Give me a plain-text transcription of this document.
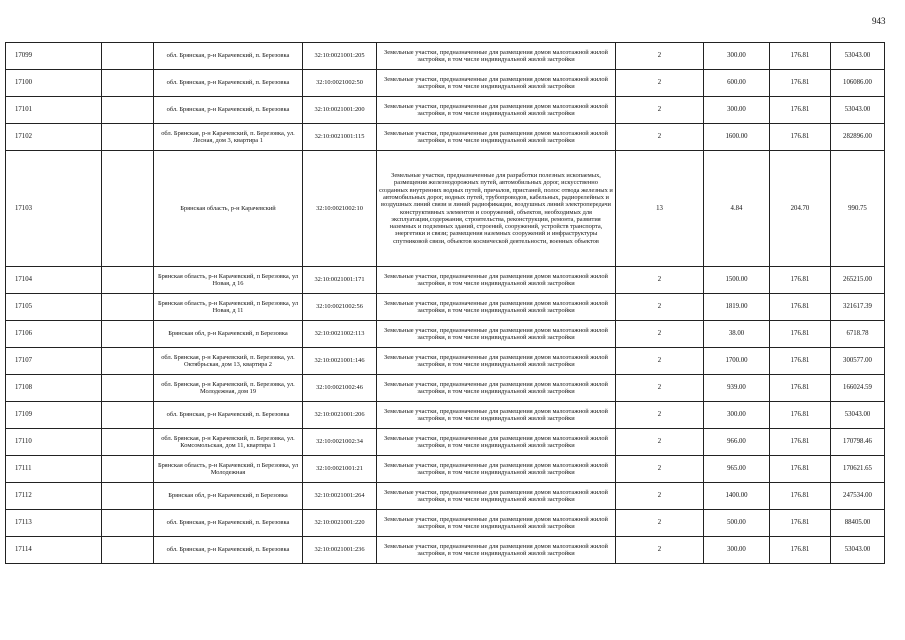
943
17099		обл. Брянская, р-н Карачевский, п. Березовка	32:10:0021001:205	Земельные участки, предназначенные для размещения домов малоэтажной жилой застройки, в том числе индивидуальной жилой застройки	2	300.00	176.81	53043.00
17100		обл. Брянская, р-н Карачевский, п. Березовка	32:10:0021002:50	Земельные участки, предназначенные для размещения домов малоэтажной жилой застройки, в том числе индивидуальной жилой застройки	2	600.00	176.81	106086.00
17101		обл. Брянская, р-н Карачевский, п. Березовка	32:10:0021001:200	Земельные участки, предназначенные для размещения домов малоэтажной жилой застройки, в том числе индивидуальной жилой застройки	2	300.00	176.81	53043.00
17102		обл. Брянская, р-н Карачевский, п. Березовка, ул. Лесная, дом 3, квартира 1	32:10:0021001:115	Земельные участки, предназначенные для размещения домов малоэтажной жилой застройки, в том числе индивидуальной жилой застройки	2	1600.00	176.81	282896.00
17103		Брянская область, р-н Карачевский	32:10:0021002:10	Земельные участки, предназначенные для разработки полезных ископаемых, размещения железнодорожных путей, автомобильных дорог, искусственно созданных внутренних водных путей, причалов, пристаней, полос отвода железных и автомобильных дорог, водных путей, трубопроводов, кабельных, радиорелейных и воздушных линий связи и линий радиофикации, воздушных линий электропередачи конструктивных элементов и сооружений, объектов, необходимых для эксплуатации,содержания, строительства, реконструкции, ремонта, развития наземных и подземных зданий, строений, сооружений, устройств транспорта, энергетики и связи; размещения наземных сооружений и инфраструктуры спутниковой связи, объектов космической деятельности, военных объектов	13	4.84	204.70	990.75
17104		Брянская область, р-н Карачевский, п Березовка, ул Новая, д 16	32:10:0021001:171	Земельные участки, предназначенные для размещения домов малоэтажной жилой застройки, в том числе индивидуальной жилой застройки	2	1500.00	176.81	265215.00
17105		Брянская область, р-н Карачевский, п Березовка, ул Новая, д 11	32:10:0021002:56	Земельные участки, предназначенные для размещения домов малоэтажной жилой застройки, в том числе индивидуальной жилой застройки	2	1819.00	176.81	321617.39
17106		Брянская обл, р-н Карачевский, п Березовка	32:10:0021002:113	Земельные участки, предназначенные для размещения домов малоэтажной жилой застройки, в том числе индивидуальной жилой застройки	2	38.00	176.81	6718.78
17107		обл. Брянская, р-н Карачевский, п. Березовка, ул. Октябрьская, дом 13, квартира 2	32:10:0021001:146	Земельные участки, предназначенные для размещения домов малоэтажной жилой застройки, в том числе индивидуальной жилой застройки	2	1700.00	176.81	300577.00
17108		обл. Брянская, р-н Карачевский, п. Березовка, ул. Молодежная, дом 19	32:10:0021002:46	Земельные участки, предназначенные для размещения домов малоэтажной жилой застройки, в том числе индивидуальной жилой застройки	2	939.00	176.81	166024.59
17109		обл. Брянская, р-н Карачевский, п. Березовка	32:10:0021001:206	Земельные участки, предназначенные для размещения домов малоэтажной жилой застройки, в том числе индивидуальной жилой застройки	2	300.00	176.81	53043.00
17110		обл. Брянская, р-н Карачевский, п. Березовка, ул. Комсомольская, дом 11, квартира 1	32:10:0021002:34	Земельные участки, предназначенные для размещения домов малоэтажной жилой застройки, в том числе индивидуальной жилой застройки	2	966.00	176.81	170798.46
17111		Брянская область, р-н Карачевский, п Березовка, ул Молодежная	32:10:0021001:21	Земельные участки, предназначенные для размещения домов малоэтажной жилой застройки, в том числе индивидуальной жилой застройки	2	965.00	176.81	170621.65
17112		Брянская обл, р-н Карачевский, п Березовка	32:10:0021001:264	Земельные участки, предназначенные для размещения домов малоэтажной жилой застройки, в том числе индивидуальной жилой застройки	2	1400.00	176.81	247534.00
17113		обл. Брянская, р-н Карачевский, п. Березовка	32:10:0021001:220	Земельные участки, предназначенные для размещения домов малоэтажной жилой застройки, в том числе индивидуальной жилой застройки	2	500.00	176.81	88405.00
17114		обл. Брянская, р-н Карачевский, п. Березовка	32:10:0021001:236	Земельные участки, предназначенные для размещения домов малоэтажной жилой застройки, в том числе индивидуальной жилой застройки	2	300.00	176.81	53043.00
